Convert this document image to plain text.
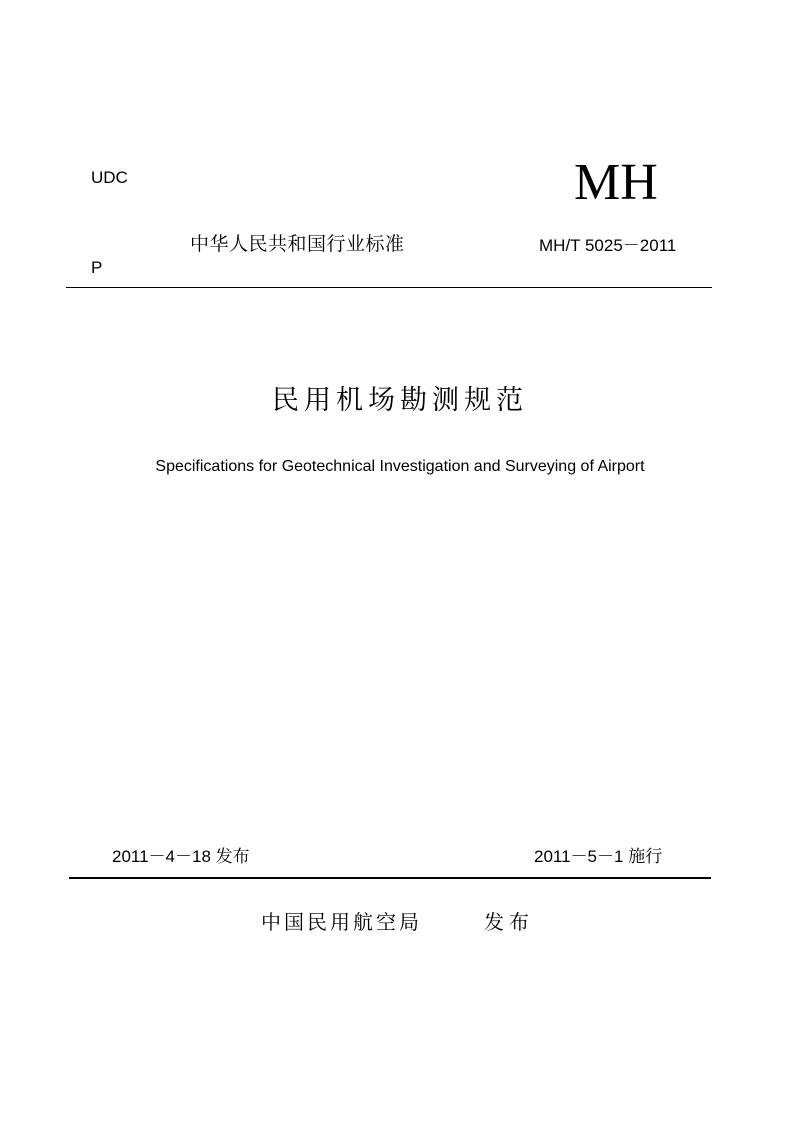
UDC	MH
中华人民共和国行业标准	MH/T 5025－2011
P
民用机场勘测规范
Specifications for Geotechnical Investigation and Surveying of Airport
2011－4－18 发布	2011－5－1 施行
中国民用航空局	发布
